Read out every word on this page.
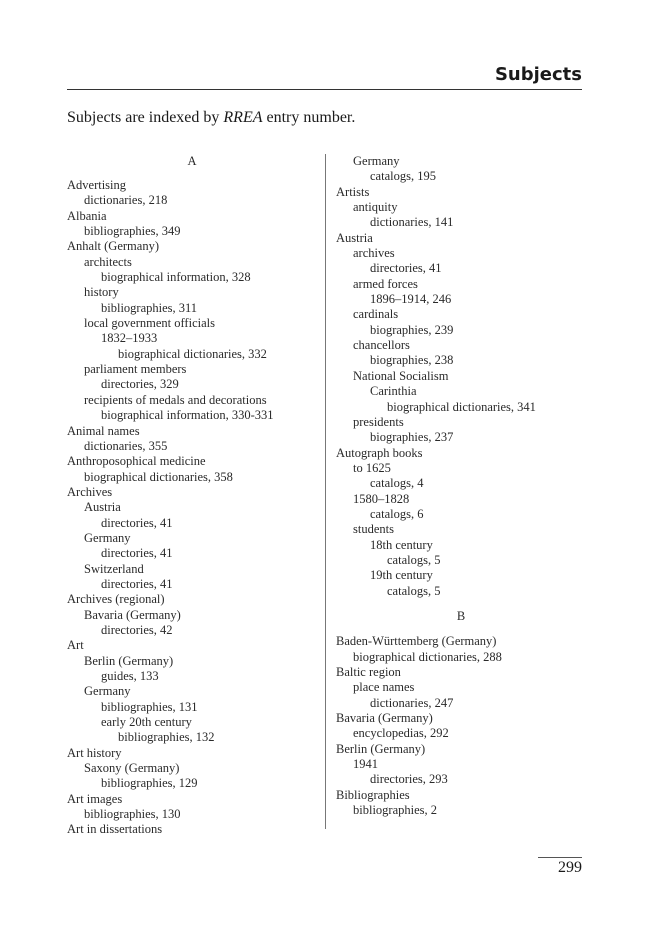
Subjects
Subjects are indexed by RREA entry number.
A
Advertising
dictionaries, 218
Albania
bibliographies, 349
Anhalt (Germany)
architects
biographical information, 328
history
bibliographies, 311
local government officials
1832–1933
biographical dictionaries, 332
parliament members
directories, 329
recipients of medals and decorations
biographical information, 330-331
Animal names
dictionaries, 355
Anthroposophical medicine
biographical dictionaries, 358
Archives
Austria
directories, 41
Germany
directories, 41
Switzerland
directories, 41
Archives (regional)
Bavaria (Germany)
directories, 42
Art
Berlin (Germany)
guides, 133
Germany
bibliographies, 131
early 20th century
bibliographies, 132
Art history
Saxony (Germany)
bibliographies, 129
Art images
bibliographies, 130
Art in dissertations
Germany
catalogs, 195
Artists
antiquity
dictionaries, 141
Austria
archives
directories, 41
armed forces
1896–1914, 246
cardinals
biographies, 239
chancellors
biographies, 238
National Socialism
Carinthia
biographical dictionaries, 341
presidents
biographies, 237
Autograph books
to 1625
catalogs, 4
1580–1828
catalogs, 6
students
18th century
catalogs, 5
19th century
catalogs, 5
B
Baden-Württemberg (Germany)
biographical dictionaries, 288
Baltic region
place names
dictionaries, 247
Bavaria (Germany)
encyclopedias, 292
Berlin (Germany)
1941
directories, 293
Bibliographies
bibliographies, 2
299
